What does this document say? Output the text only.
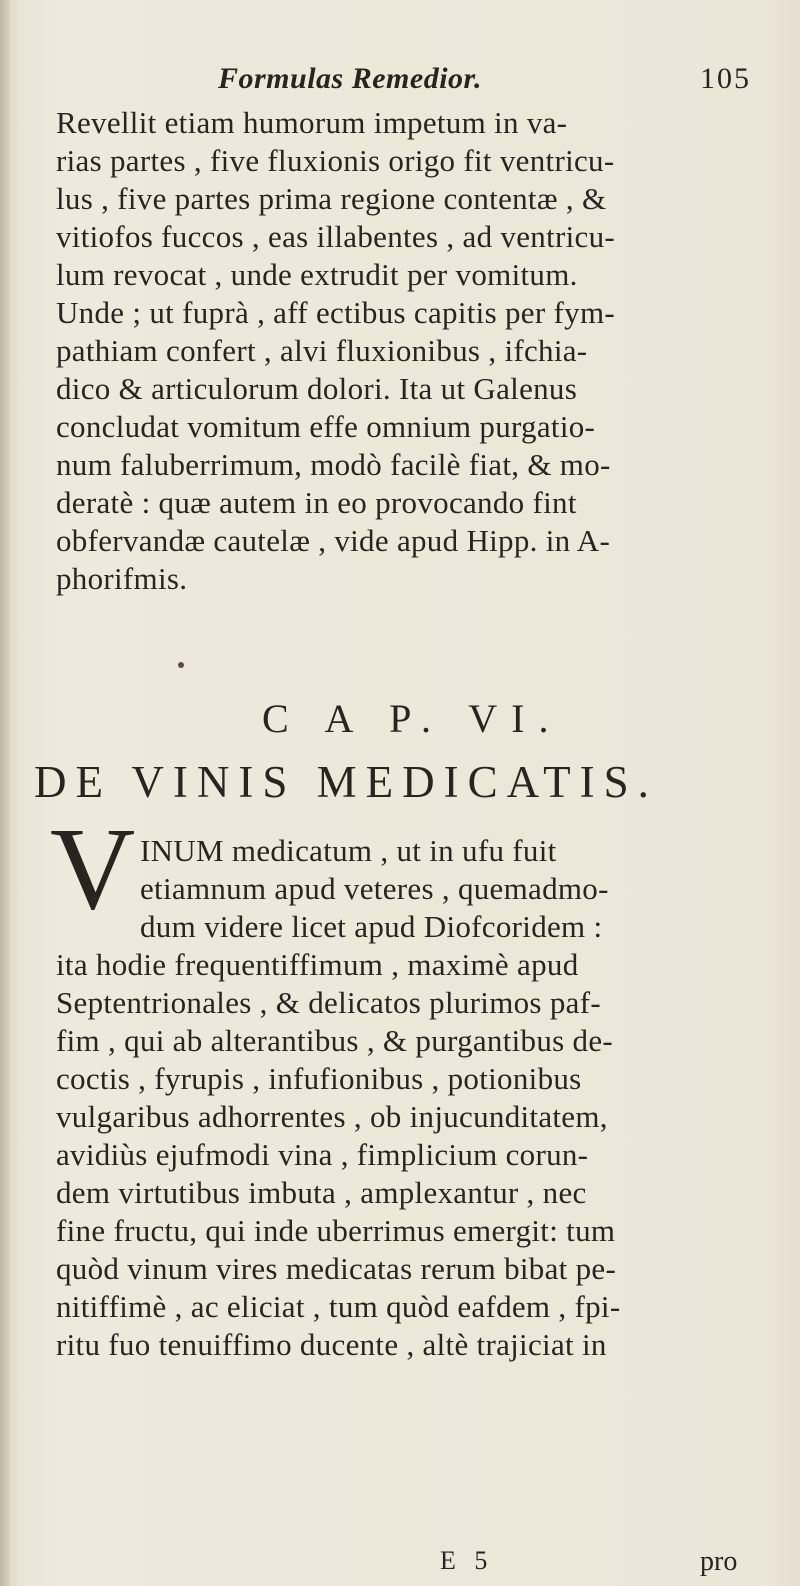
Formulas Remedior.	105
Revellit etiam humorum impetum in va-
rias partes , five fluxionis origo fit ventricu-
lus , five partes prima regione contentæ , &
vitiofos fuccos , eas illabentes , ad ventricu-
lum revocat , unde extrudit per vomitum.
Unde ; ut fuprà , aff ectibus capitis per fym-
pathiam confert , alvi fluxionibus , ifchia-
dico & articulorum dolori. Ita ut Galenus
concludat vomitum effe omnium purgatio-
num faluberrimum, modò facilè fiat, & mo-
deratè : quæ autem in eo provocando fint
obfervandæ cautelæ , vide apud Hipp. in A-
phorifmis.
C A P. VI.
DE VINIS MEDICATIS.
V INUM medicatum , ut in ufu fuit
etiamnum apud veteres , quemadmo-
dum videre licet apud Diofcoridem :
ita hodie frequentiffimum , maximè apud
Septentrionales , & delicatos plurimos paf-
fim , qui ab alterantibus , & purgantibus de-
coctis , fyrupis , infufionibus , potionibus
vulgaribus adhorrentes , ob injucunditatem,
avidiùs ejufmodi vina , fimplicium corun-
dem virtutibus imbuta , amplexantur , nec
fine fructu, qui inde uberrimus emergit: tum
quòd vinum vires medicatas rerum bibat pe-
nitiffimè , ac eliciat , tum quòd eafdem , fpi-
ritu fuo tenuiffimo ducente , altè trajiciat in
E 5	pro
